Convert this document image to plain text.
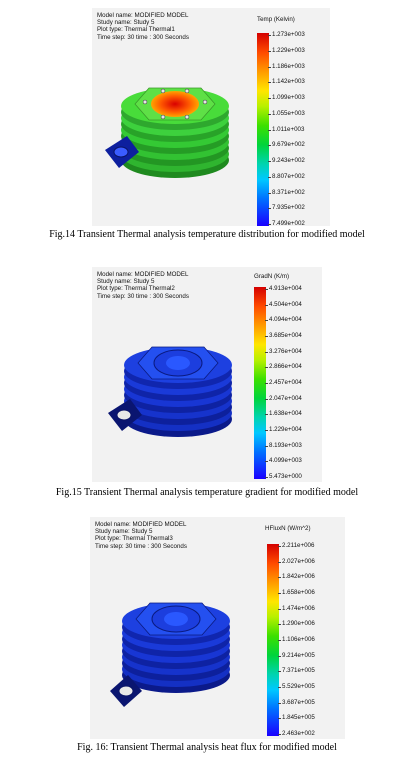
Model name: MODIFIED MODEL
Study name: Study 5
Plot type: Thermal Thermal1
Time step: 30 time : 300 Seconds
Temp (Kelvin)
1.273e+003
1.229e+003
1.186e+003
1.142e+003
1.099e+003
1.055e+003
1.011e+003
9.679e+002
9.243e+002
8.807e+002
8.371e+002
7.935e+002
7.499e+002
Fig.14 Transient Thermal analysis temperature distribution for modified model
Model name: MODIFIED MODEL
Study name: Study 5
Plot type: Thermal Thermal2
Time step: 30 time : 300 Seconds
GradN (K/m)
4.913e+004
4.504e+004
4.094e+004
3.685e+004
3.276e+004
2.866e+004
2.457e+004
2.047e+004
1.638e+004
1.229e+004
8.193e+003
4.099e+003
5.473e+000
Fig.15 Transient Thermal analysis temperature gradient for modified model
Model name: MODIFIED MODEL
Study name: Study 5
Plot type: Thermal Thermal3
Time step: 30 time : 300 Seconds
HFluxN (W/m^2)
2.211e+006
2.027e+006
1.842e+006
1.658e+006
1.474e+006
1.290e+006
1.106e+006
9.214e+005
7.371e+005
5.529e+005
3.687e+005
1.845e+005
2.463e+002
Fig. 16: Transient Thermal analysis heat flux for modified model
